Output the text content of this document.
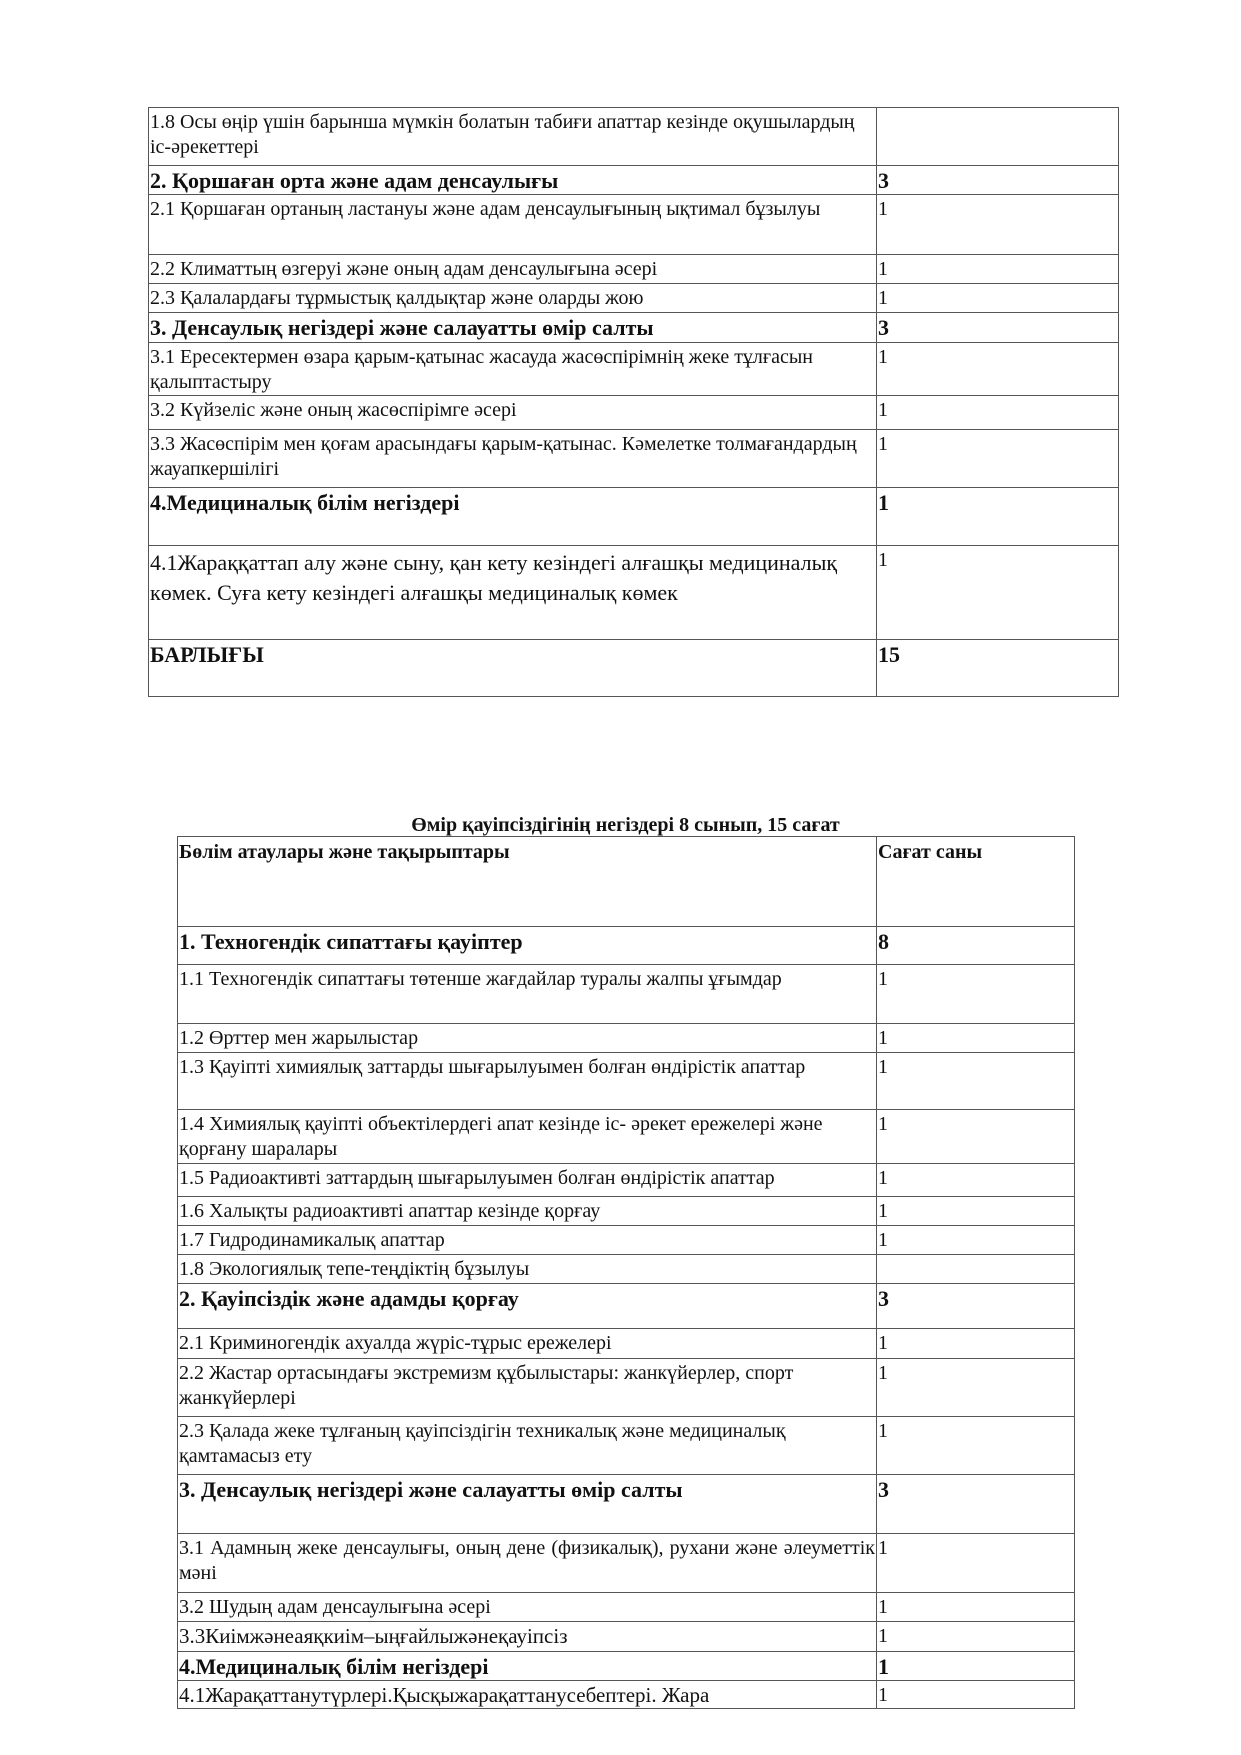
1.8 Осы өңір үшін барынша мүмкін болатын табиғи апаттар кезінде оқушылардың іс-әрекеттері	
2. Қоршаған орта және адам денсаулығы	3
2.1 Қоршаған ортаның ластануы және адам денсаулығының ықтимал бұзылуы	1
2.2 Климаттың өзгеруі және оның адам денсаулығына әсері	1
2.3 Қалалардағы тұрмыстық қалдықтар және оларды жою	1
3. Денсаулық негіздері және салауатты өмір салты	3
3.1 Ересектермен өзара қарым-қатынас жасауда жасөспірімнің жеке тұлғасын қалыптастыру	1
3.2 Күйзеліс және оның жасөспірімге әсері	1
3.3 Жасөспірім мен қоғам арасындағы қарым-қатынас. Кәмелетке толмағандардың жауапкершілігі	1
4.Медициналық білім негіздері	1
4.1Жараққаттап алу және сыну, қан кету кезіндегі алғашқы медициналық көмек. Суға кету кезіндегі алғашқы медициналық көмек	1
БАРЛЫҒЫ	15
Өмір қауіпсіздігінің негіздері 8 сынып, 15 сағат
Бөлім атаулары және тақырыптары	Сағат саны
1. Техногендік сипаттағы қауіптер	8
1.1 Техногендік сипаттағы төтенше жағдайлар туралы жалпы ұғымдар	1
1.2 Өрттер мен жарылыстар	1
1.3 Қауіпті химиялық заттарды шығарылуымен болған өндірістік апаттар	1
1.4 Химиялық қауіпті объектілердегі апат кезінде іс- әрекет ережелері және қорғану шаралары	1
1.5 Радиоактивті заттардың шығарылуымен болған өндірістік апаттар	1
1.6 Халықты радиоактивті апаттар кезінде қорғау	1
1.7 Гидродинамикалық апаттар	1
1.8 Экологиялық тепе-теңдіктің бұзылуы	
2. Қауіпсіздік және адамды қорғау	3
2.1 Криминогендік ахуалда жүріс-тұрыс ережелері	1
2.2 Жастар ортасындағы экстремизм құбылыстары: жанкүйерлер, спорт жанкүйерлері	1
2.3 Қалада жеке тұлғаның қауіпсіздігін техникалық және медициналық қамтамасыз ету	1
3. Денсаулық негіздері және салауатты өмір салты	3
3.1 Адамның жеке денсаулығы, оның дене (физикалық), рухани және әлеуметтік мәні	1
3.2 Шудың адам денсаулығына әсері	1
3.3Киімжәнеаяқкиім–ыңғайлыжәнеқауіпсіз	1
4.Медициналық білім негіздері	1
4.1Жарақаттанутүрлері.Қысқыжарақаттанусебептері. Жара	1
